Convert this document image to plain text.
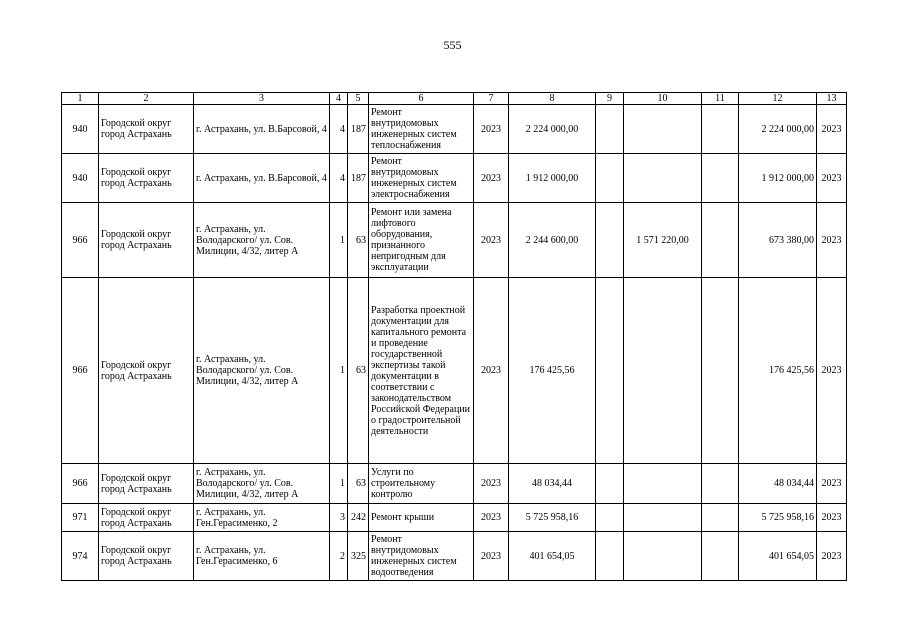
555
1	2	3	4	5	6	7	8	9	10	11	12	13
940	Городской округ город Астрахань	г. Астрахань, ул. В.Барсовой, 4	4	187	Ремонт внутридомовых инженерных систем теплоснабжения	2023	2 224 000,00				2 224 000,00	2023
940	Городской округ город Астрахань	г. Астрахань, ул. В.Барсовой, 4	4	187	Ремонт внутридомовых инженерных систем электроснабжения	2023	1 912 000,00				1 912 000,00	2023
966	Городской округ город Астрахань	г. Астрахань, ул. Володарского/ ул. Сов. Милиции, 4/32, литер А	1	63	Ремонт или замена лифтового оборудования, признанного непригодным для эксплуатации	2023	2 244 600,00		1 571 220,00		673 380,00	2023
966	Городской округ город Астрахань	г. Астрахань, ул. Володарского/ ул. Сов. Милиции, 4/32, литер А	1	63	Разработка проектной документации для капитального ремонта и проведение государственной экспертизы такой документации в соответствии с законодательством Российской Федерации о градостроительной деятельности	2023	176 425,56				176 425,56	2023
966	Городской округ город Астрахань	г. Астрахань, ул. Володарского/ ул. Сов. Милиции, 4/32, литер А	1	63	Услуги по строительному контролю	2023	48 034,44				48 034,44	2023
971	Городской округ город Астрахань	г. Астрахань, ул. Ген.Герасименко, 2	3	242	Ремонт крыши	2023	5 725 958,16				5 725 958,16	2023
974	Городской округ город Астрахань	г. Астрахань, ул. Ген.Герасименко, 6	2	325	Ремонт внутридомовых инженерных систем водоотведения	2023	401 654,05				401 654,05	2023
